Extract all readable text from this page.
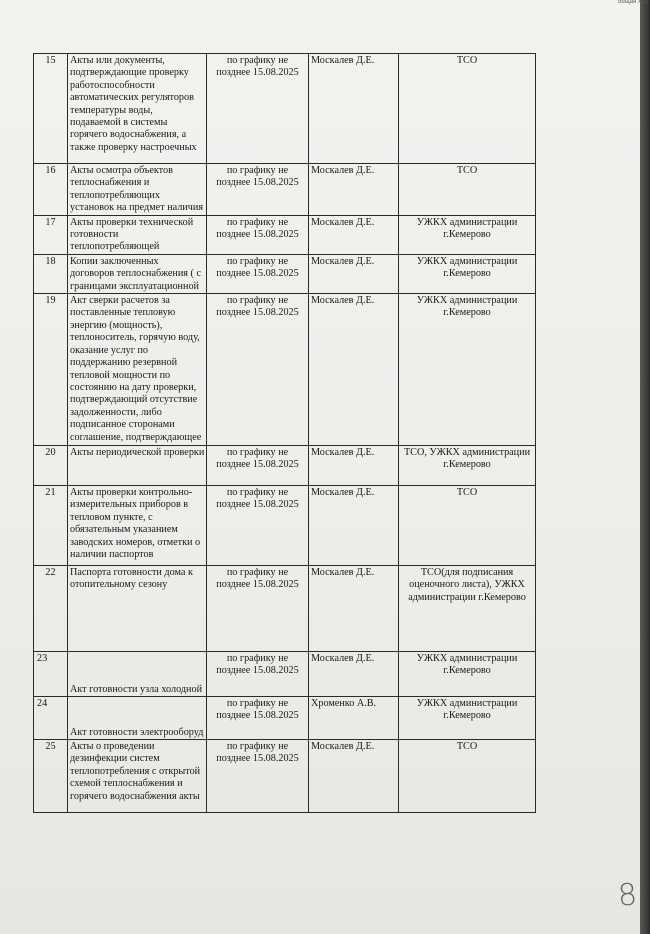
15	Акты или документы, подтверждающие проверку работоспособности автоматических регуляторов температуры воды, подаваемой в системы горячего водоснабжения, а также проверку настроечных	по графику не позднее 15.08.2025	Москалев Д.Е.	ТСО
16	Акты осмотра объектов теплоснабжения и теплопотребляющих установок на предмет наличия	по графику не позднее 15.08.2025	Москалев Д.Е.	ТСО
17	Акты проверки технической готовности теплопотребляющей	по графику не позднее 15.08.2025	Москалев Д.Е.	УЖКХ администрации г.Кемерово
18	Копии заключенных договоров теплоснабжения ( с границами эксплуатационной	по графику не позднее 15.08.2025	Москалев Д.Е.	УЖКХ администрации г.Кемерово
19	Акт сверки расчетов за поставленные тепловую энергию (мощность), теплоноситель, горячую воду, оказание услуг по поддержанию резервной тепловой мощности по состоянию на дату проверки, подтверждающий отсутствие задолженности, либо подписанное сторонами соглашение, подтверждающее	по графику не позднее 15.08.2025	Москалев Д.Е.	УЖКХ администрации г.Кемерово
20	Акты периодической проверки	по графику не позднее 15.08.2025	Москалев Д.Е.	ТСО, УЖКХ администрации г.Кемерово
21	Акты проверки контрольно-измерительных приборов в тепловом пункте, с обязательным указанием заводских номеров, отметки о наличии паспортов	по графику не позднее 15.08.2025	Москалев Д.Е.	ТСО
22	Паспорта готовности дома к отопительному сезону	по графику не позднее 15.08.2025	Москалев Д.Е.	ТСО(для подписания оценочного листа), УЖКХ администрации г.Кемерово
23	Акт готовности узла холодной	по графику не позднее 15.08.2025	Москалев Д.Е.	УЖКХ администрации г.Кемерово
24	Акт готовности электрооборуд	по графику не позднее 15.08.2025	Хроменко А.В.	УЖКХ администрации г.Кемерово
25	Акты о проведении дезинфекции систем теплопотребления с открытой схемой теплоснабжения и горячего водоснабжения акты	по графику не позднее 15.08.2025	Москалев Д.Е.	ТСО
8
общая Х.Ц
